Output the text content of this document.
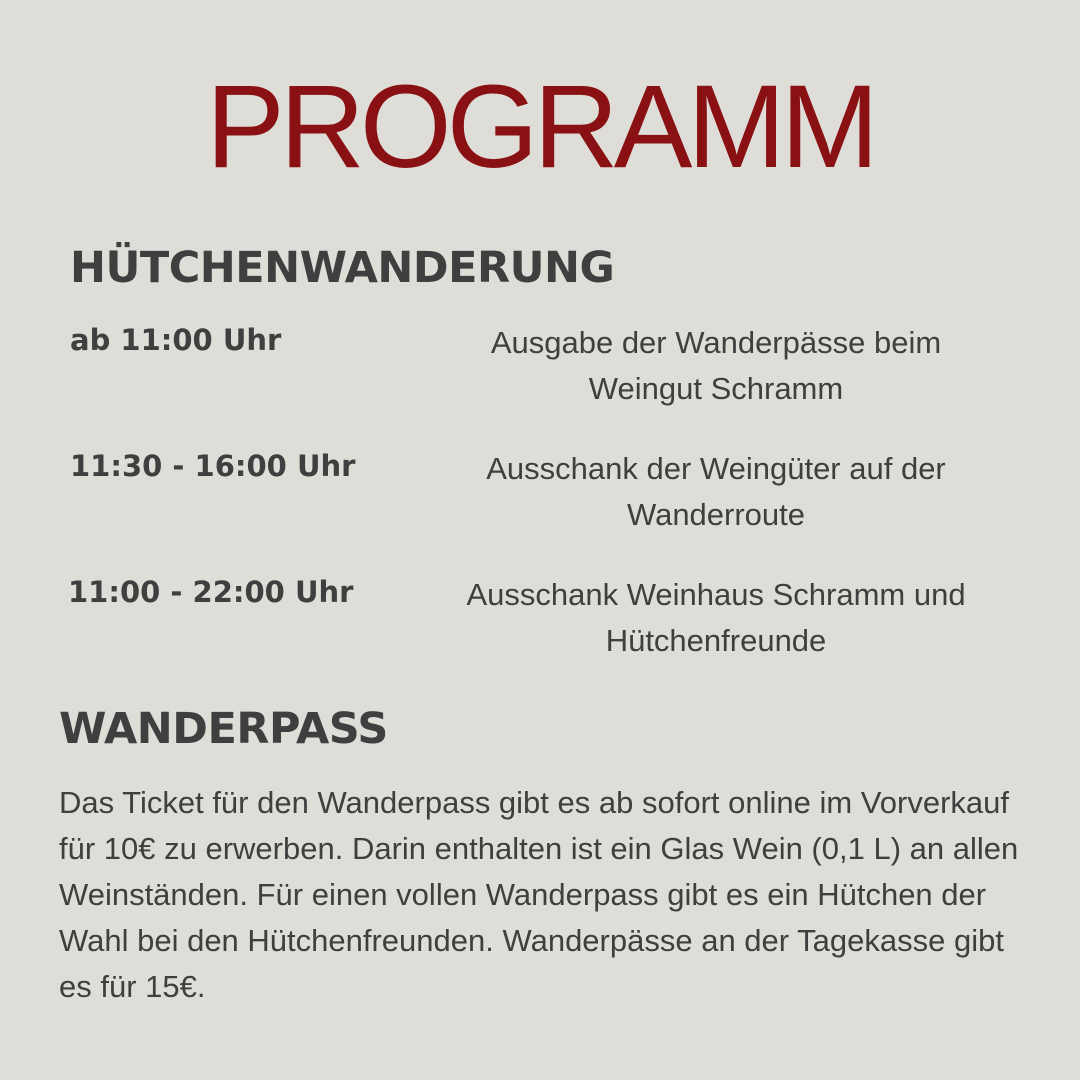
PROGRAMM
HÜTCHENWANDERUNG
ab 11:00 Uhr	Ausgabe der Wanderpässe beim Weingut Schramm
11:30 - 16:00 Uhr	Ausschank der Weingüter auf der Wanderroute
11:00 - 22:00 Uhr	Ausschank Weinhaus Schramm und Hütchenfreunde
WANDERPASS

Das Ticket für den Wanderpass gibt es ab sofort online im Vorverkauf für 10€ zu erwerben. Darin enthalten ist ein Glas Wein (0,1 L) an allen Weinständen. Für einen vollen Wanderpass gibt es ein Hütchen der Wahl bei den Hütchenfreunden. Wanderpässe an der Tagekasse gibt es für 15€.
